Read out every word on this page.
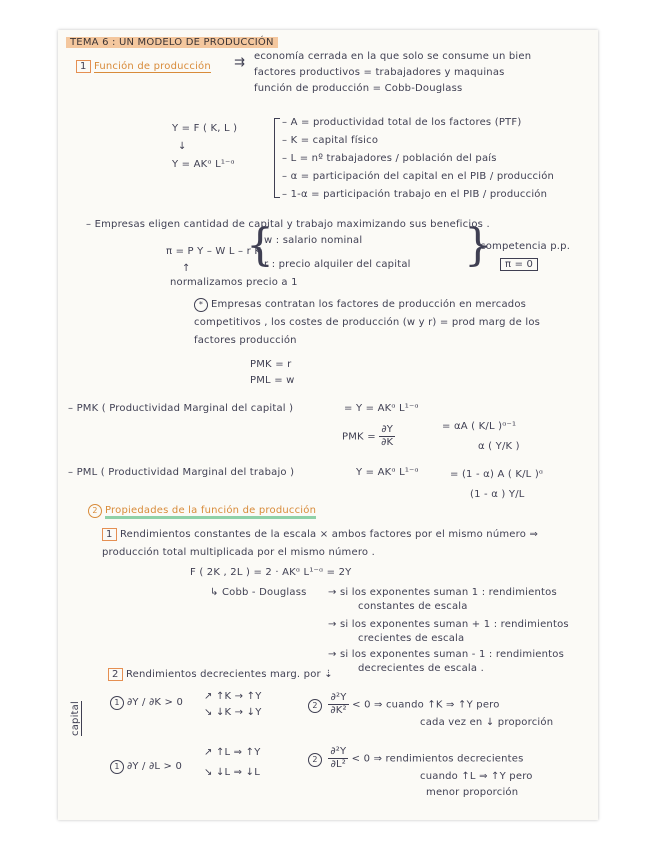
TEMA 6 : UN MODELO DE PRODUCCIÓN
1 Función de producción ⇉ economía cerrada en la que solo se consume un bien
factores productivos = trabajadores y maquinas
función de producción = Cobb-Douglass
Y = F ( K, L )
↓
Y = AKᵅ L¹⁻ᵅ
– A = productividad total de los factores (PTF)
– K = capital físico
– L = nº trabajadores / población del país
– α = participación del capital en el PIB / producción
– 1-α = participación trabajo en el PIB / producción
– Empresas eligen cantidad de capital y trabajo maximizando sus beneficios .
π = P Y – W L – r K
{
w : salario nominal
r : precio alquiler del capital }
competencia p.p.
π = 0
↑
normalizamos precio a 1
* Empresas contratan los factores de producción en mercados
competitivos , los costes de producción (w y r) = prod marg de los
factores producción
PMK = r
PML = w
– PMK ( Productividad Marginal del capital )	= Y = AKᵅ L¹⁻ᵅ
PMK = $\frac{\partial Y}{\partial K}$	= αA ( K/L )ᵅ⁻¹
α ( Y/K )
– PML ( Productividad Marginal del trabajo )	Y = AKᵅ L¹⁻ᵅ	= (1 - α) A ( K/L )ᵅ
(1 - α ) Y/L
2 Propiedades de la función de producción
1 Rendimientos constantes de la escala × ambos factores por el mismo número ⇒
producción total multiplicada por el mismo número .
F ( 2K , 2L ) = 2 · AKᵅ L¹⁻ᵅ = 2Y
↳ Cobb - Douglass → si los exponentes suman 1 : rendimientos
constantes de escala
→ si los exponentes suman + 1 : rendimientos
crecientes de escala
→ si los exponentes suman - 1 : rendimientos
decrecientes de escala .
2 Rendimientos decrecientes marg. por ⇣
capital	1 ∂Y / ∂K > 0
↗ ↑K → ↑Y
↘ ↓K → ↓Y
$2 \frac{\text{∂²Y}}{\text{∂K²}} < 0$ ⇒ cuando ↑K ⇒ ↑Y pero
cada vez en ↓ proporción
1 ∂Y / ∂L > 0
↗ ↑L ⇒ ↑Y
↘ ↓L ⇒ ↓L
$2 \frac{\text{∂²Y}}{\text{∂L²}} < 0$ ⇒ rendimientos decrecientes
cuando ↑L ⇒ ↑Y pero
menor proporción
